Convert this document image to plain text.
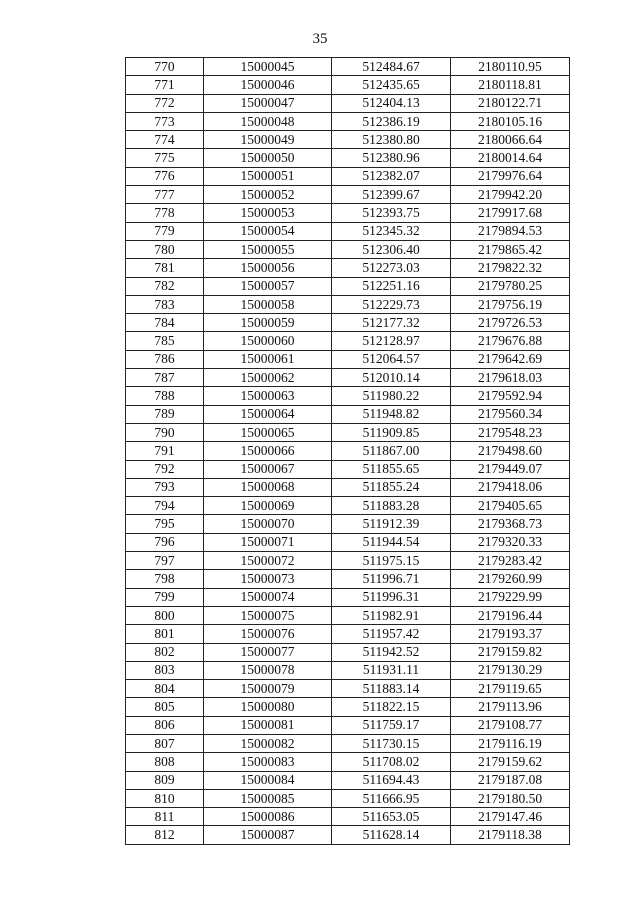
35
770	15000045	512484.67	2180110.95
771	15000046	512435.65	2180118.81
772	15000047	512404.13	2180122.71
773	15000048	512386.19	2180105.16
774	15000049	512380.80	2180066.64
775	15000050	512380.96	2180014.64
776	15000051	512382.07	2179976.64
777	15000052	512399.67	2179942.20
778	15000053	512393.75	2179917.68
779	15000054	512345.32	2179894.53
780	15000055	512306.40	2179865.42
781	15000056	512273.03	2179822.32
782	15000057	512251.16	2179780.25
783	15000058	512229.73	2179756.19
784	15000059	512177.32	2179726.53
785	15000060	512128.97	2179676.88
786	15000061	512064.57	2179642.69
787	15000062	512010.14	2179618.03
788	15000063	511980.22	2179592.94
789	15000064	511948.82	2179560.34
790	15000065	511909.85	2179548.23
791	15000066	511867.00	2179498.60
792	15000067	511855.65	2179449.07
793	15000068	511855.24	2179418.06
794	15000069	511883.28	2179405.65
795	15000070	511912.39	2179368.73
796	15000071	511944.54	2179320.33
797	15000072	511975.15	2179283.42
798	15000073	511996.71	2179260.99
799	15000074	511996.31	2179229.99
800	15000075	511982.91	2179196.44
801	15000076	511957.42	2179193.37
802	15000077	511942.52	2179159.82
803	15000078	511931.11	2179130.29
804	15000079	511883.14	2179119.65
805	15000080	511822.15	2179113.96
806	15000081	511759.17	2179108.77
807	15000082	511730.15	2179116.19
808	15000083	511708.02	2179159.62
809	15000084	511694.43	2179187.08
810	15000085	511666.95	2179180.50
811	15000086	511653.05	2179147.46
812	15000087	511628.14	2179118.38
